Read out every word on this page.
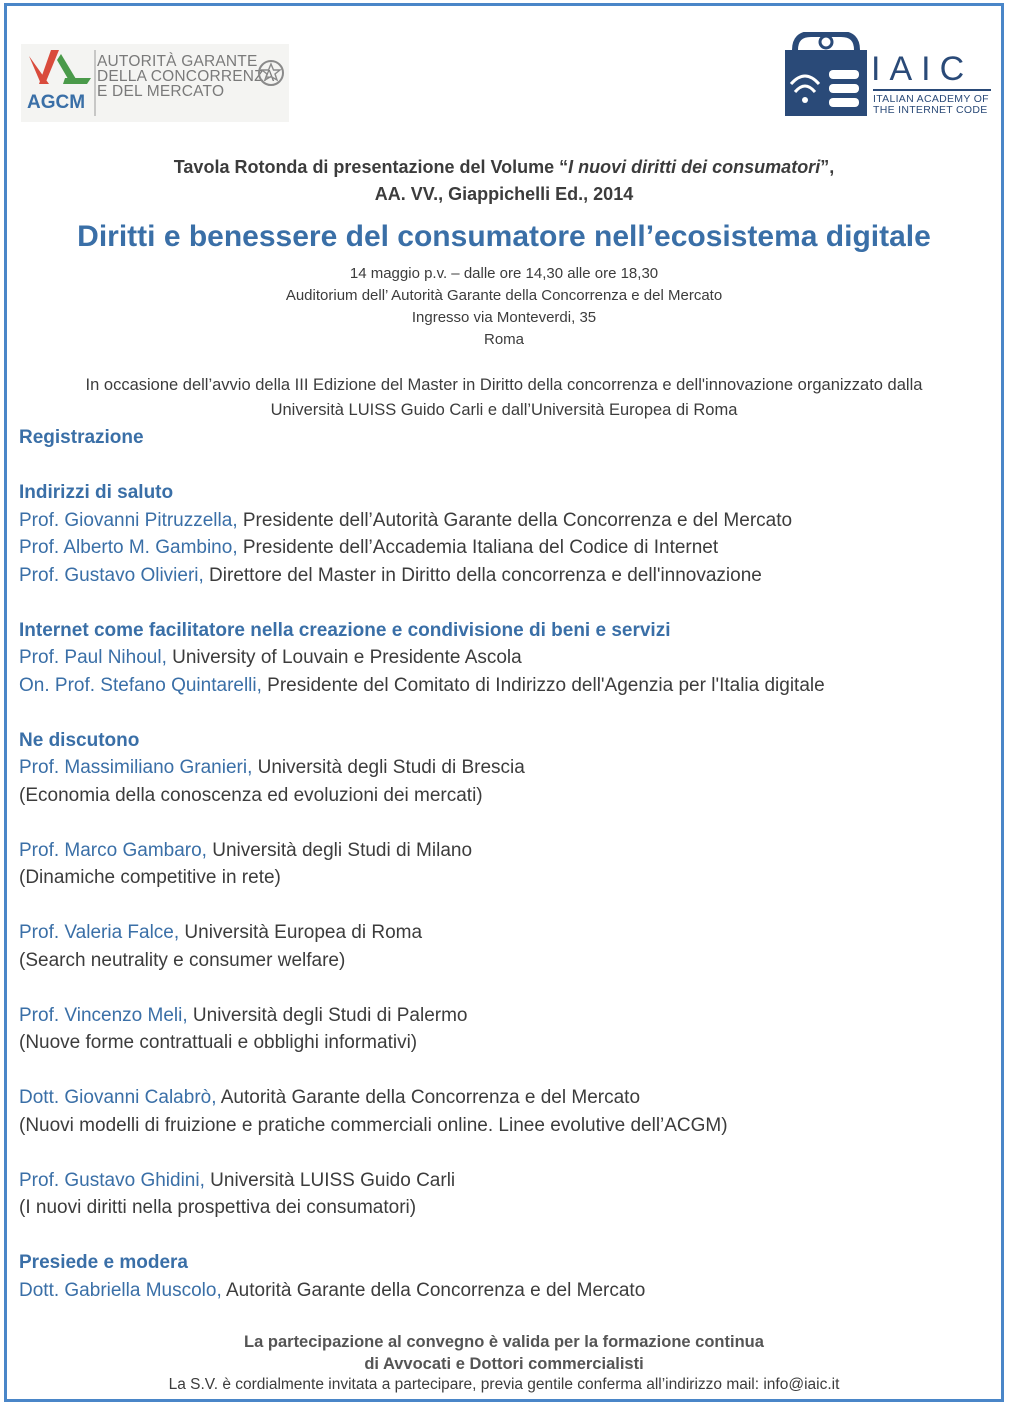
AGCM
AUTORITÀ GARANTE
DELLA CONCORRENZA
E DEL MERCATO
IAIC
ITALIAN ACADEMY OF
THE INTERNET CODE
Tavola Rotonda di presentazione del Volume “I nuovi diritti dei consumatori”,
AA. VV., Giappichelli Ed., 2014
Diritti e benessere del consumatore nell’ecosistema digitale
14 maggio p.v. – dalle ore 14,30 alle ore 18,30
Auditorium dell’ Autorità Garante della Concorrenza e del Mercato
Ingresso via Monteverdi, 35
Roma
In occasione dell’avvio della III Edizione del Master in Diritto della concorrenza e dell'innovazione organizzato dalla
Università LUISS Guido Carli e dall’Università Europea di Roma
Registrazione
Indirizzi di saluto
Prof. Giovanni Pitruzzella, Presidente dell’Autorità Garante della Concorrenza e del Mercato
Prof. Alberto M. Gambino, Presidente dell’Accademia Italiana del Codice di Internet
Prof. Gustavo Olivieri, Direttore del Master in Diritto della concorrenza e dell'innovazione
Internet come facilitatore nella creazione e condivisione di beni e servizi
Prof. Paul Nihoul, University of Louvain e Presidente Ascola
On. Prof. Stefano Quintarelli, Presidente del Comitato di Indirizzo dell'Agenzia per l'Italia digitale
Ne discutono
Prof. Massimiliano Granieri, Università degli Studi di Brescia
(Economia della conoscenza ed evoluzioni dei mercati)
Prof. Marco Gambaro, Università degli Studi di Milano
(Dinamiche competitive in rete)
Prof. Valeria Falce, Università Europea di Roma
(Search neutrality e consumer welfare)
Prof. Vincenzo Meli, Università degli Studi di Palermo
(Nuove forme contrattuali e obblighi informativi)
Dott. Giovanni Calabrò, Autorità Garante della Concorrenza e del Mercato
(Nuovi modelli di fruizione e pratiche commerciali online. Linee evolutive dell’ACGM)
Prof. Gustavo Ghidini, Università LUISS Guido Carli
(I nuovi diritti nella prospettiva dei consumatori)
Presiede e modera
Dott. Gabriella Muscolo, Autorità Garante della Concorrenza e del Mercato
La partecipazione al convegno è valida per la formazione continua
di Avvocati e Dottori commercialisti
La S.V. è cordialmente invitata a partecipare, previa gentile conferma all’indirizzo mail: info@iaic.it
